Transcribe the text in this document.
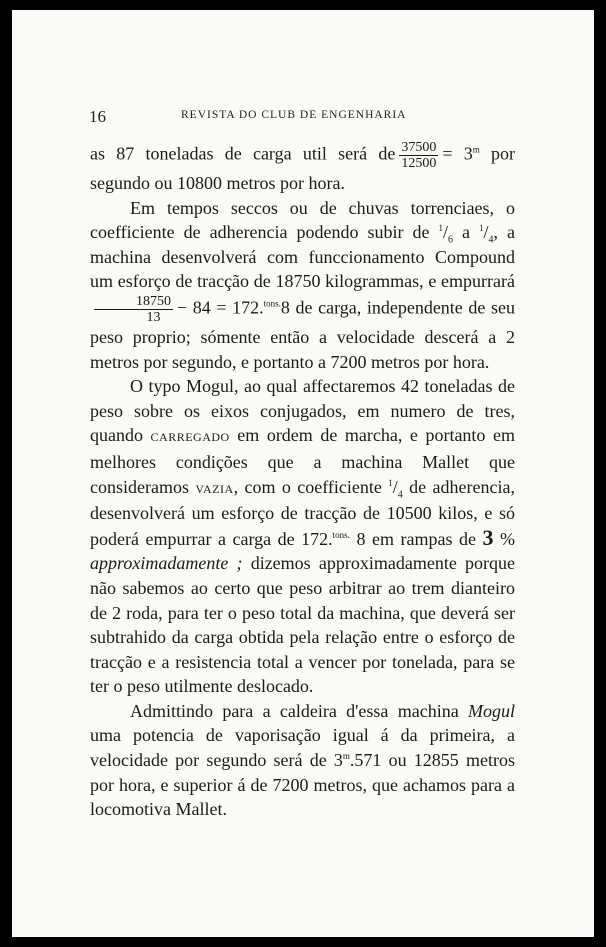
16	REVISTA DO CLUB DE ENGENHARIA

as 87 toneladas de carga util será de $\frac{37500}{12500} = 3^m$ por segundo ou 10800 metros por hora.

Em tempos seccos ou de chuvas torrenciaes, o coefficiente de adherencia podendo subir de $^1/_6$ a $^1/_4$, a machina desenvolverá com funccionamento Compound um esforço de tracção de 18750 kilogrammas, e empurrará
$\frac{18750}{13} - 84 = 172.^{tons.}8$ de carga, independente de seu peso proprio; sómente então a velocidade descerá a 2 metros por segundo, e portanto a 7200 metros por hora.

O typo Mogul, ao qual affectaremos 42 toneladas de peso sobre os eixos conjugados, em numero de tres, quando CARREGADO em ordem de marcha, e portanto em melhores condições que a machina Mallet que consideramos VAZIA, com o coefficiente $^1/_4$ de adherencia, desenvolverá um esforço de tracção de 10500 kilos, e só poderá empurrar a carga de 172.$^{tons.}$ 8 em rampas de 3 % approximadamente ; dizemos approximadamente porque não sabemos ao certo que peso arbitrar ao trem dianteiro de 2 roda, para ter o peso total da machina, que deverá ser subtrahido da carga obtida pela relação entre o esforço de tracção e a resistencia total a vencer por tonelada, para se ter o peso utilmente deslocado.

Admittindo para a caldeira d'essa machina Mogul uma potencia de vaporisação igual á da primeira, a velocidade por segundo será de 3$^m$.571 ou 12855 metros por hora, e superior á de 7200 metros, que achamos para a locomotiva Mallet.
